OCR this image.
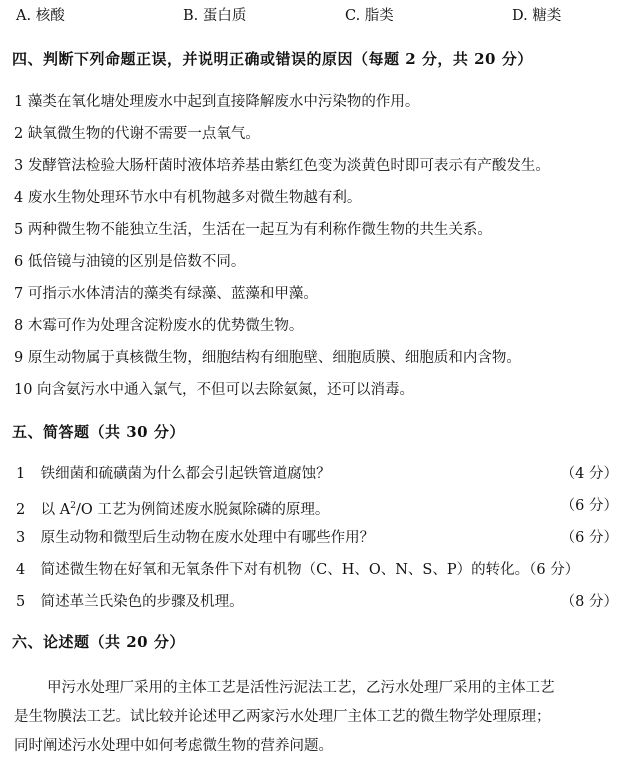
A. 核酸	B. 蛋白质	C. 脂类	D. 糖类
四、判断下列命题正误，并说明正确或错误的原因（每题 2 分，共 20 分）
1 藻类在氧化塘处理废水中起到直接降解废水中污染物的作用。
2 缺氧微生物的代谢不需要一点氧气。
3 发酵管法检验大肠杆菌时液体培养基由紫红色变为淡黄色时即可表示有产酸发生。
4 废水生物处理环节水中有机物越多对微生物越有利。
5 两种微生物不能独立生活，生活在一起互为有利称作微生物的共生关系。
6 低倍镜与油镜的区别是倍数不同。
7 可指示水体清洁的藻类有绿藻、蓝藻和甲藻。
8 木霉可作为处理含淀粉废水的优势微生物。
9 原生动物属于真核微生物，细胞结构有细胞壁、细胞质膜、细胞质和内含物。
10 向含氨污水中通入氯气，不但可以去除氨氮，还可以消毒。
五、简答题（共 30 分）
1 铁细菌和硫磺菌为什么都会引起铁管道腐蚀？	（4 分）
2 以 $A^2/O$ 工艺为例简述废水脱氮除磷的原理。	（6 分）
3 原生动物和微型后生动物在废水处理中有哪些作用？	（6 分）
4 简述微生物在好氧和无氧条件下对有机物（C、H、O、N、S、P）的转化。（6 分）
5 简述革兰氏染色的步骤及机理。	（8 分）
六、论述题（共 20 分）
甲污水处理厂采用的主体工艺是活性污泥法工艺，乙污水处理厂采用的主体工艺
是生物膜法工艺。试比较并论述甲乙两家污水处理厂主体工艺的微生物学处理原理；
同时阐述污水处理中如何考虑微生物的营养问题。
